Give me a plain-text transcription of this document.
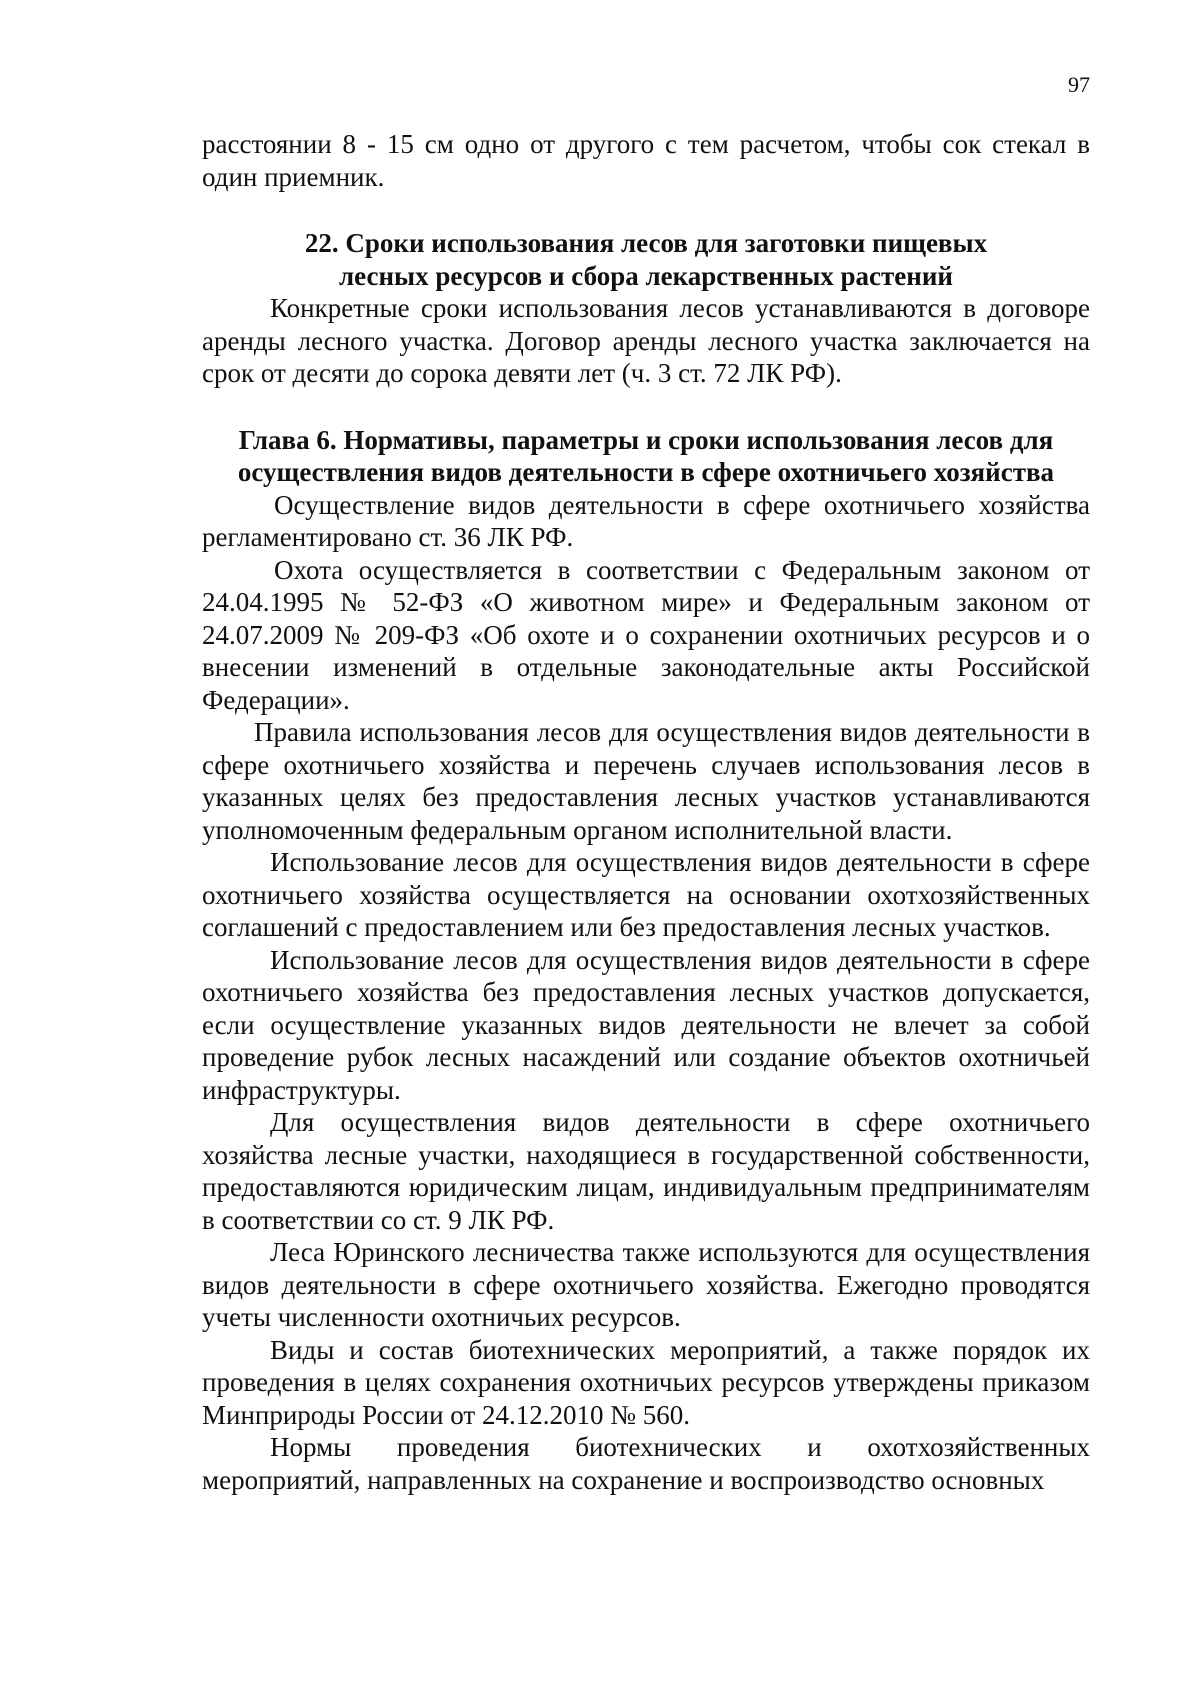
97

расстоянии 8 - 15 см одно от другого с тем расчетом, чтобы сок стекал в один приемник.

22. Сроки использования лесов для заготовки пищевых
лесных ресурсов и сбора лекарственных растений

Конкретные сроки использования лесов устанавливаются в договоре аренды лесного участка. Договор аренды лесного участка заключается на срок от десяти до сорока девяти лет (ч. 3 ст. 72 ЛК РФ).

Глава 6. Нормативы, параметры и сроки использования лесов для
осуществления видов деятельности в сфере охотничьего хозяйства

Осуществление видов деятельности в сфере охотничьего хозяйства регламентировано ст. 36 ЛК РФ.

Охота осуществляется в соответствии с Федеральным законом от 24.04.1995 № 52-ФЗ «О животном мире» и Федеральным законом от 24.07.2009 № 209-ФЗ «Об охоте и о сохранении охотничьих ресурсов и о внесении изменений в отдельные законодательные акты Российской Федерации».

Правила использования лесов для осуществления видов деятельности в сфере охотничьего хозяйства и перечень случаев использования лесов в указанных целях без предоставления лесных участков устанавливаются уполномоченным федеральным органом исполнительной власти.

Использование лесов для осуществления видов деятельности в сфере охотничьего хозяйства осуществляется на основании охотхозяйственных соглашений с предоставлением или без предоставления лесных участков.

Использование лесов для осуществления видов деятельности в сфере охотничьего хозяйства без предоставления лесных участков допускается, если осуществление указанных видов деятельности не влечет за собой проведение рубок лесных насаждений или создание объектов охотничьей инфраструктуры.

Для осуществления видов деятельности в сфере охотничьего хозяйства лесные участки, находящиеся в государственной собственности, предоставляются юридическим лицам, индивидуальным предпринимателям в соответствии со ст. 9 ЛК РФ.

Леса Юринского лесничества также используются для осуществления видов деятельности в сфере охотничьего хозяйства. Ежегодно проводятся учеты численности охотничьих ресурсов.

Виды и состав биотехнических мероприятий, а также порядок их проведения в целях сохранения охотничьих ресурсов утверждены приказом Минприроды России от 24.12.2010 № 560.

Нормы проведения биотехнических и охотхозяйственных мероприятий, направленных на сохранение и воспроизводство основных
